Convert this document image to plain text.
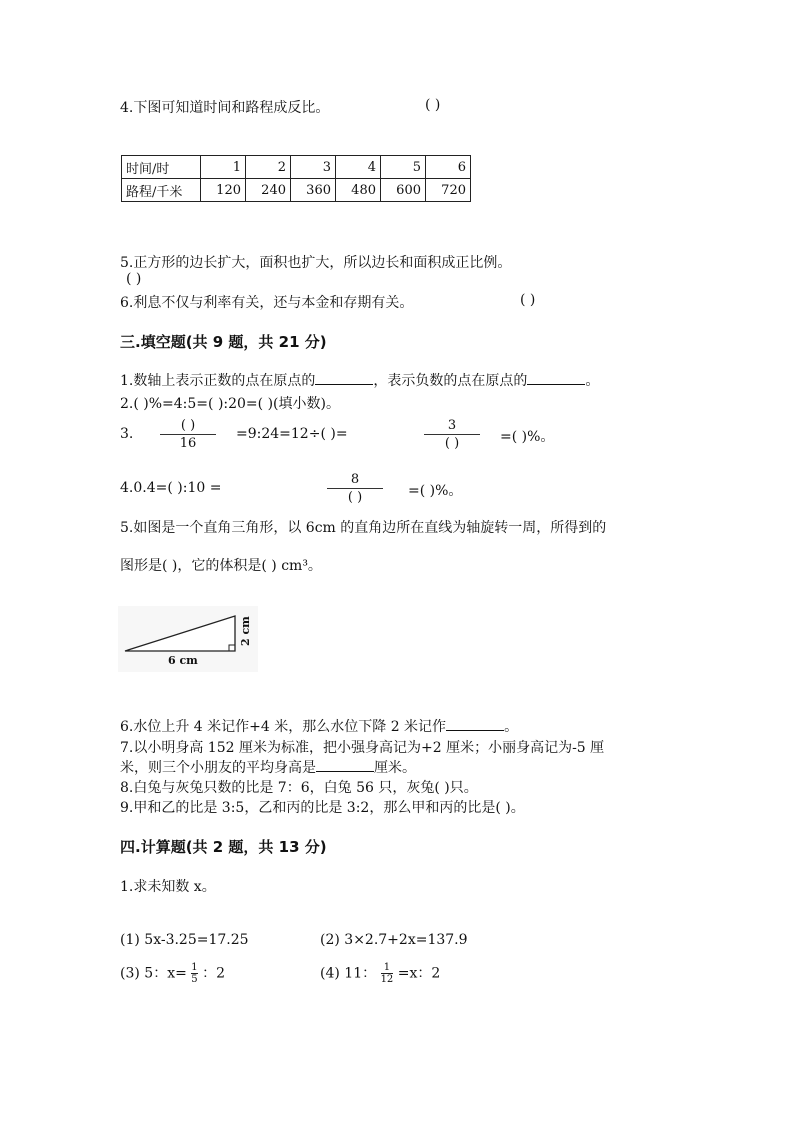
4.下图可知道时间和路程成反比。	( )
时间/时	1	2	3	4	5	6
路程/千米	120	240	360	480	600	720
5.正方形的边长扩大，面积也扩大，所以边长和面积成正比例。
( )
6.利息不仅与利率有关，还与本金和存期有关。	( )
三.填空题(共 9 题，共 21 分)
1.数轴上表示正数的点在原点的	，表示负数的点在原点的	。
2.( )%=4:5=( ):20=( )(填小数)。
3.
( )
16
=9:24=12÷( )=
3
( )	=( )%。
4.0.4=( ):10 =
8
( )	=( )%。
5.如图是一个直角三角形，以 6cm 的直角边所在直线为轴旋转一周，所得到的
图形是( )，它的体积是( ) cm³。
6 cm
2 cm
6.水位上升 4 米记作+4 米，那么水位下降 2 米记作	。
7.以小明身高 152 厘米为标准，把小强身高记为+2 厘米；小丽身高记为-5 厘
米，则三个小朋友的平均身高是	厘米。
8.白兔与灰兔只数的比是 7：6，白兔 56 只，灰兔( )只。
9.甲和乙的比是 3:5，乙和丙的比是 3:2，那么甲和丙的比是( )。
四.计算题(共 2 题，共 13 分)
1.求未知数 x。
(1) 5x-3.25=17.25	(2) 3×2.7+2x=137.9
(3) 5：$x= \frac{1}{5}$ ：2	(4) 11： $\frac{1}{12} =x$：2
